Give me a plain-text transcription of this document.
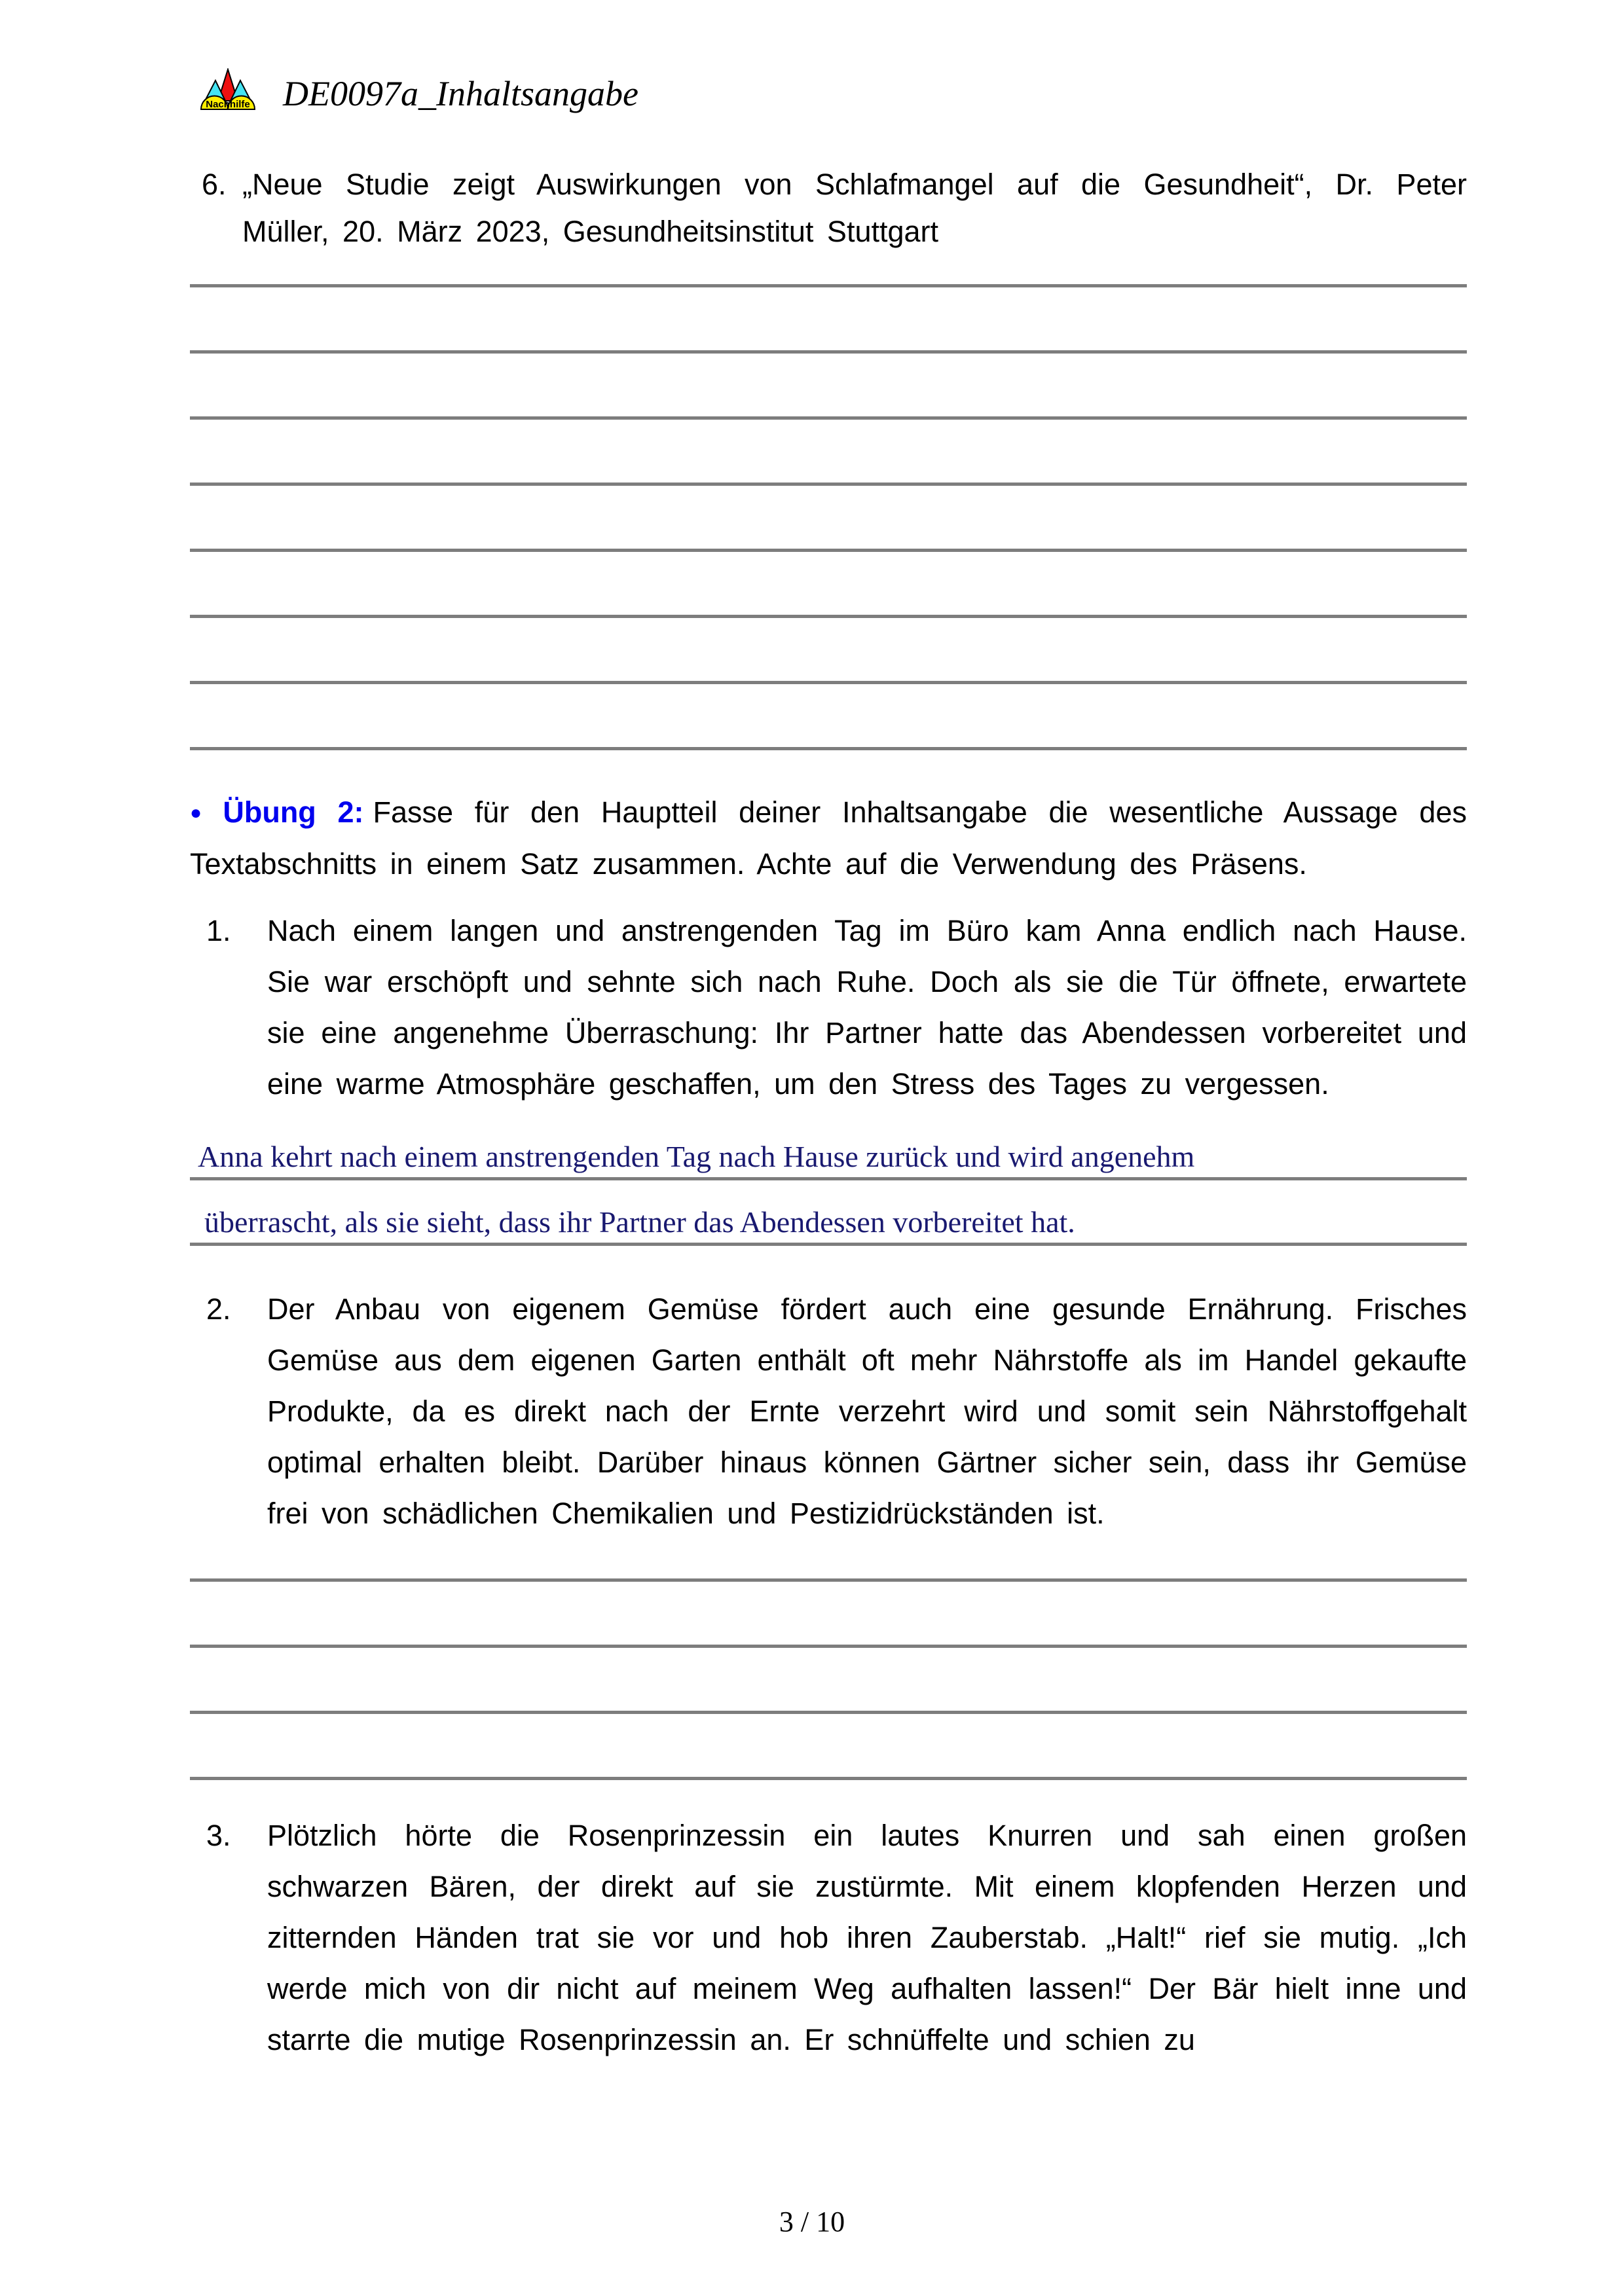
Nachhilfe DE0097a_Inhaltsangabe
6. „Neue Studie zeigt Auswirkungen von Schlafmangel auf die Gesundheit“, Dr. Peter Müller, 20. März 2023, Gesundheitsinstitut Stuttgart

● Übung 2: Fasse für den Hauptteil deiner Inhaltsangabe die wesentliche Aussage des Textabschnitts in einem Satz zusammen. Achte auf die Verwendung des Präsens.

1.	Nach einem langen und anstrengenden Tag im Büro kam Anna endlich nach Hause. Sie war erschöpft und sehnte sich nach Ruhe. Doch als sie die Tür öffnete, erwartete sie eine angenehme Überraschung: Ihr Partner hatte das Abendessen vorbereitet und eine warme Atmosphäre geschaffen, um den Stress des Tages zu vergessen.
Anna kehrt nach einem anstrengenden Tag nach Hause zurück und wird angenehm
überrascht, als sie sieht, dass ihr Partner das Abendessen vorbereitet hat.
2.	Der Anbau von eigenem Gemüse fördert auch eine gesunde Ernährung. Frisches Gemüse aus dem eigenen Garten enthält oft mehr Nährstoffe als im Handel gekaufte Produkte, da es direkt nach der Ernte verzehrt wird und somit sein Nährstoffgehalt optimal erhalten bleibt. Darüber hinaus können Gärtner sicher sein, dass ihr Gemüse frei von schädlichen Chemikalien und Pestizidrückständen ist.
3.	Plötzlich hörte die Rosenprinzessin ein lautes Knurren und sah einen großen schwarzen Bären, der direkt auf sie zustürmte. Mit einem klopfenden Herzen und zitternden Händen trat sie vor und hob ihren Zauberstab. „Halt!“ rief sie mutig. „Ich werde mich von dir nicht auf meinem Weg aufhalten lassen!“ Der Bär hielt inne und starrte die mutige Rosenprinzessin an. Er schnüffelte und schien zu
3 / 10
